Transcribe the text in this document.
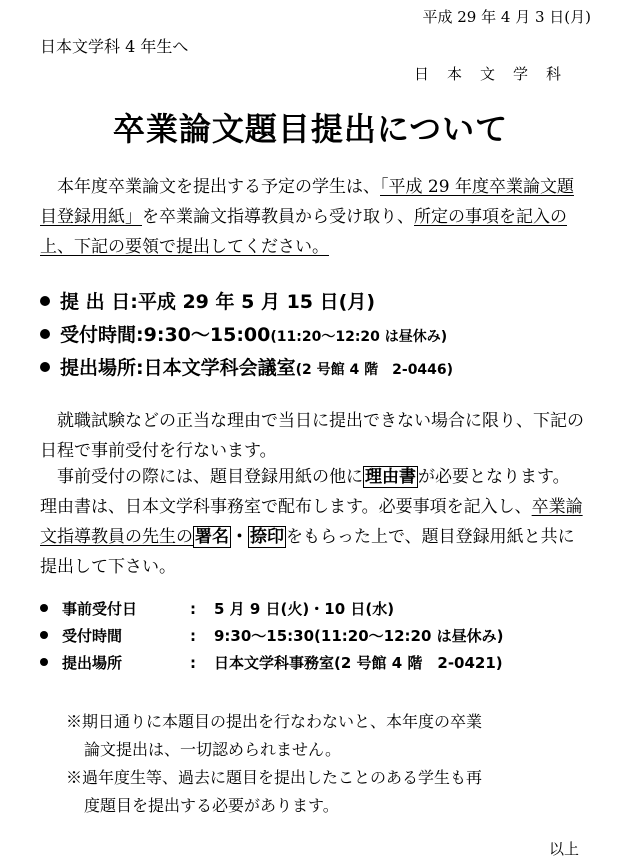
平成 29 年 4 月 3 日(月)
日本文学科 4 年生へ
日本文学科
卒業論文題目提出について
本年度卒業論文を提出する予定の学生は、「平成 29 年度卒業論文題目登録用紙」を卒業論文指導教員から受け取り、所定の事項を記入の上、下記の要領で提出してください。
提 出 日:平成 29 年 5 月 15 日(月)
受付時間:9:30～15:00(11:20～12:20 は昼休み)
提出場所:日本文学科会議室(2 号館 4 階　2-0446)
就職試験などの正当な理由で当日に提出できない場合に限り、下記の日程で事前受付を行ないます。
事前受付の際には、題目登録用紙の他に 理由書 が必要となります。理由書は、日本文学科事務室で配布します。必要事項を記入し、卒業論文指導教員の先生の 署名 ・ 捺印 をもらった上で、題目登録用紙と共に提出して下さい。
事前受付日	: 5 月 9 日(火)・10 日(水)
受付時間	: 9:30～15:30(11:20～12:20 は昼休み)
提出場所	: 日本文学科事務室(2 号館 4 階　2-0421)
※期日通りに本題目の提出を行なわないと、本年度の卒業
論文提出は、一切認められません。
※過年度生等、過去に題目を提出したことのある学生も再
度題目を提出する必要があります。
以上
